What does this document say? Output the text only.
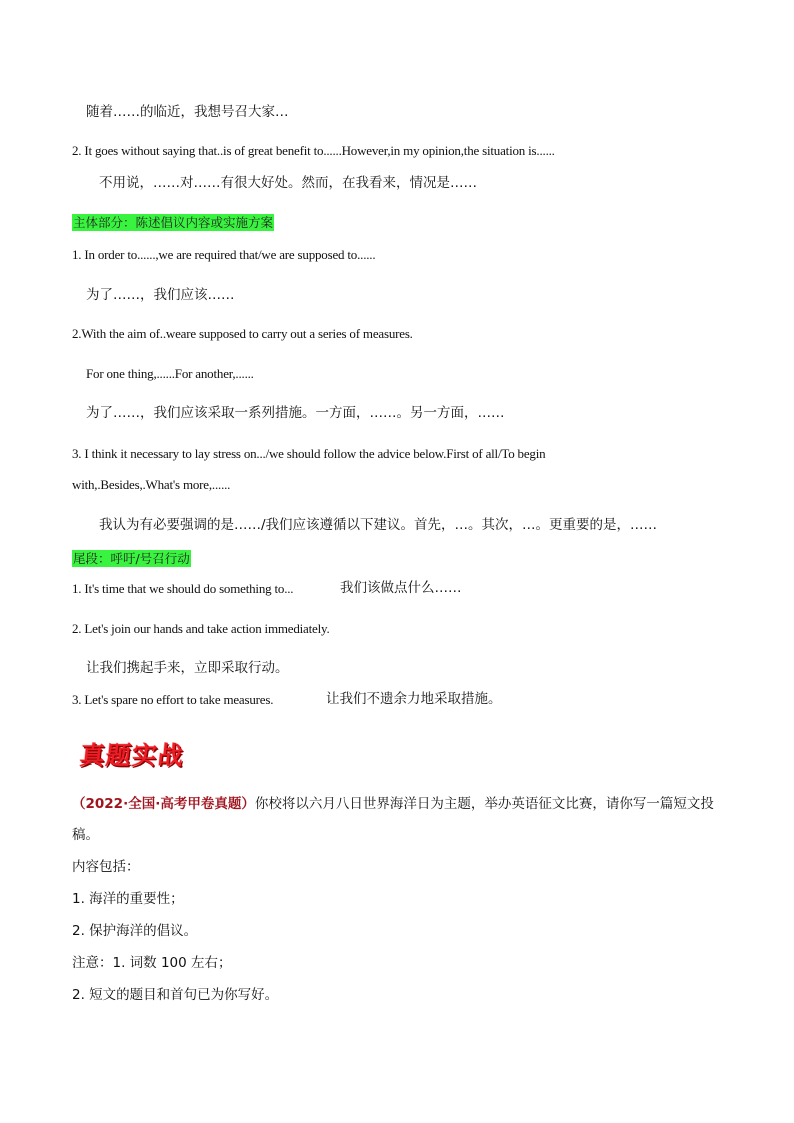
随着……的临近，我想号召大家…
2. It goes without saying that..is of great benefit to......However,in my opinion,the situation is......
不用说，……对……有很大好处。然而，在我看来，情况是……
主体部分：陈述倡议内容或实施方案
1. In order to......,we are required that/we are supposed to......
为了……，我们应该……
2.With the aim of..weare supposed to carry out a series of measures.
For one thing,......For another,......
为了……，我们应该采取一系列措施。一方面，……。另一方面，……
3. I think it necessary to lay stress on.../we should follow the advice below.First of all/To begin
with,.Besides,.What's more,......
我认为有必要强调的是……/我们应该遵循以下建议。首先，…。其次，…。更重要的是，……
尾段：呼吁/号召行动
1. It's time that we should do something to...	我们该做点什么……
2. Let's join our hands and take action immediately.
让我们携起手来，立即采取行动。
3. Let's spare no effort to take measures.	让我们不遗余力地采取措施。
真题实战
（2022·全国·高考甲卷真题）你校将以六月八日世界海洋日为主题，举办英语征文比赛，请你写一篇短文投
稿。
内容包括：
1. 海洋的重要性；
2. 保护海洋的倡议。
注意：1. 词数 100 左右；
2. 短文的题目和首句已为你写好。
